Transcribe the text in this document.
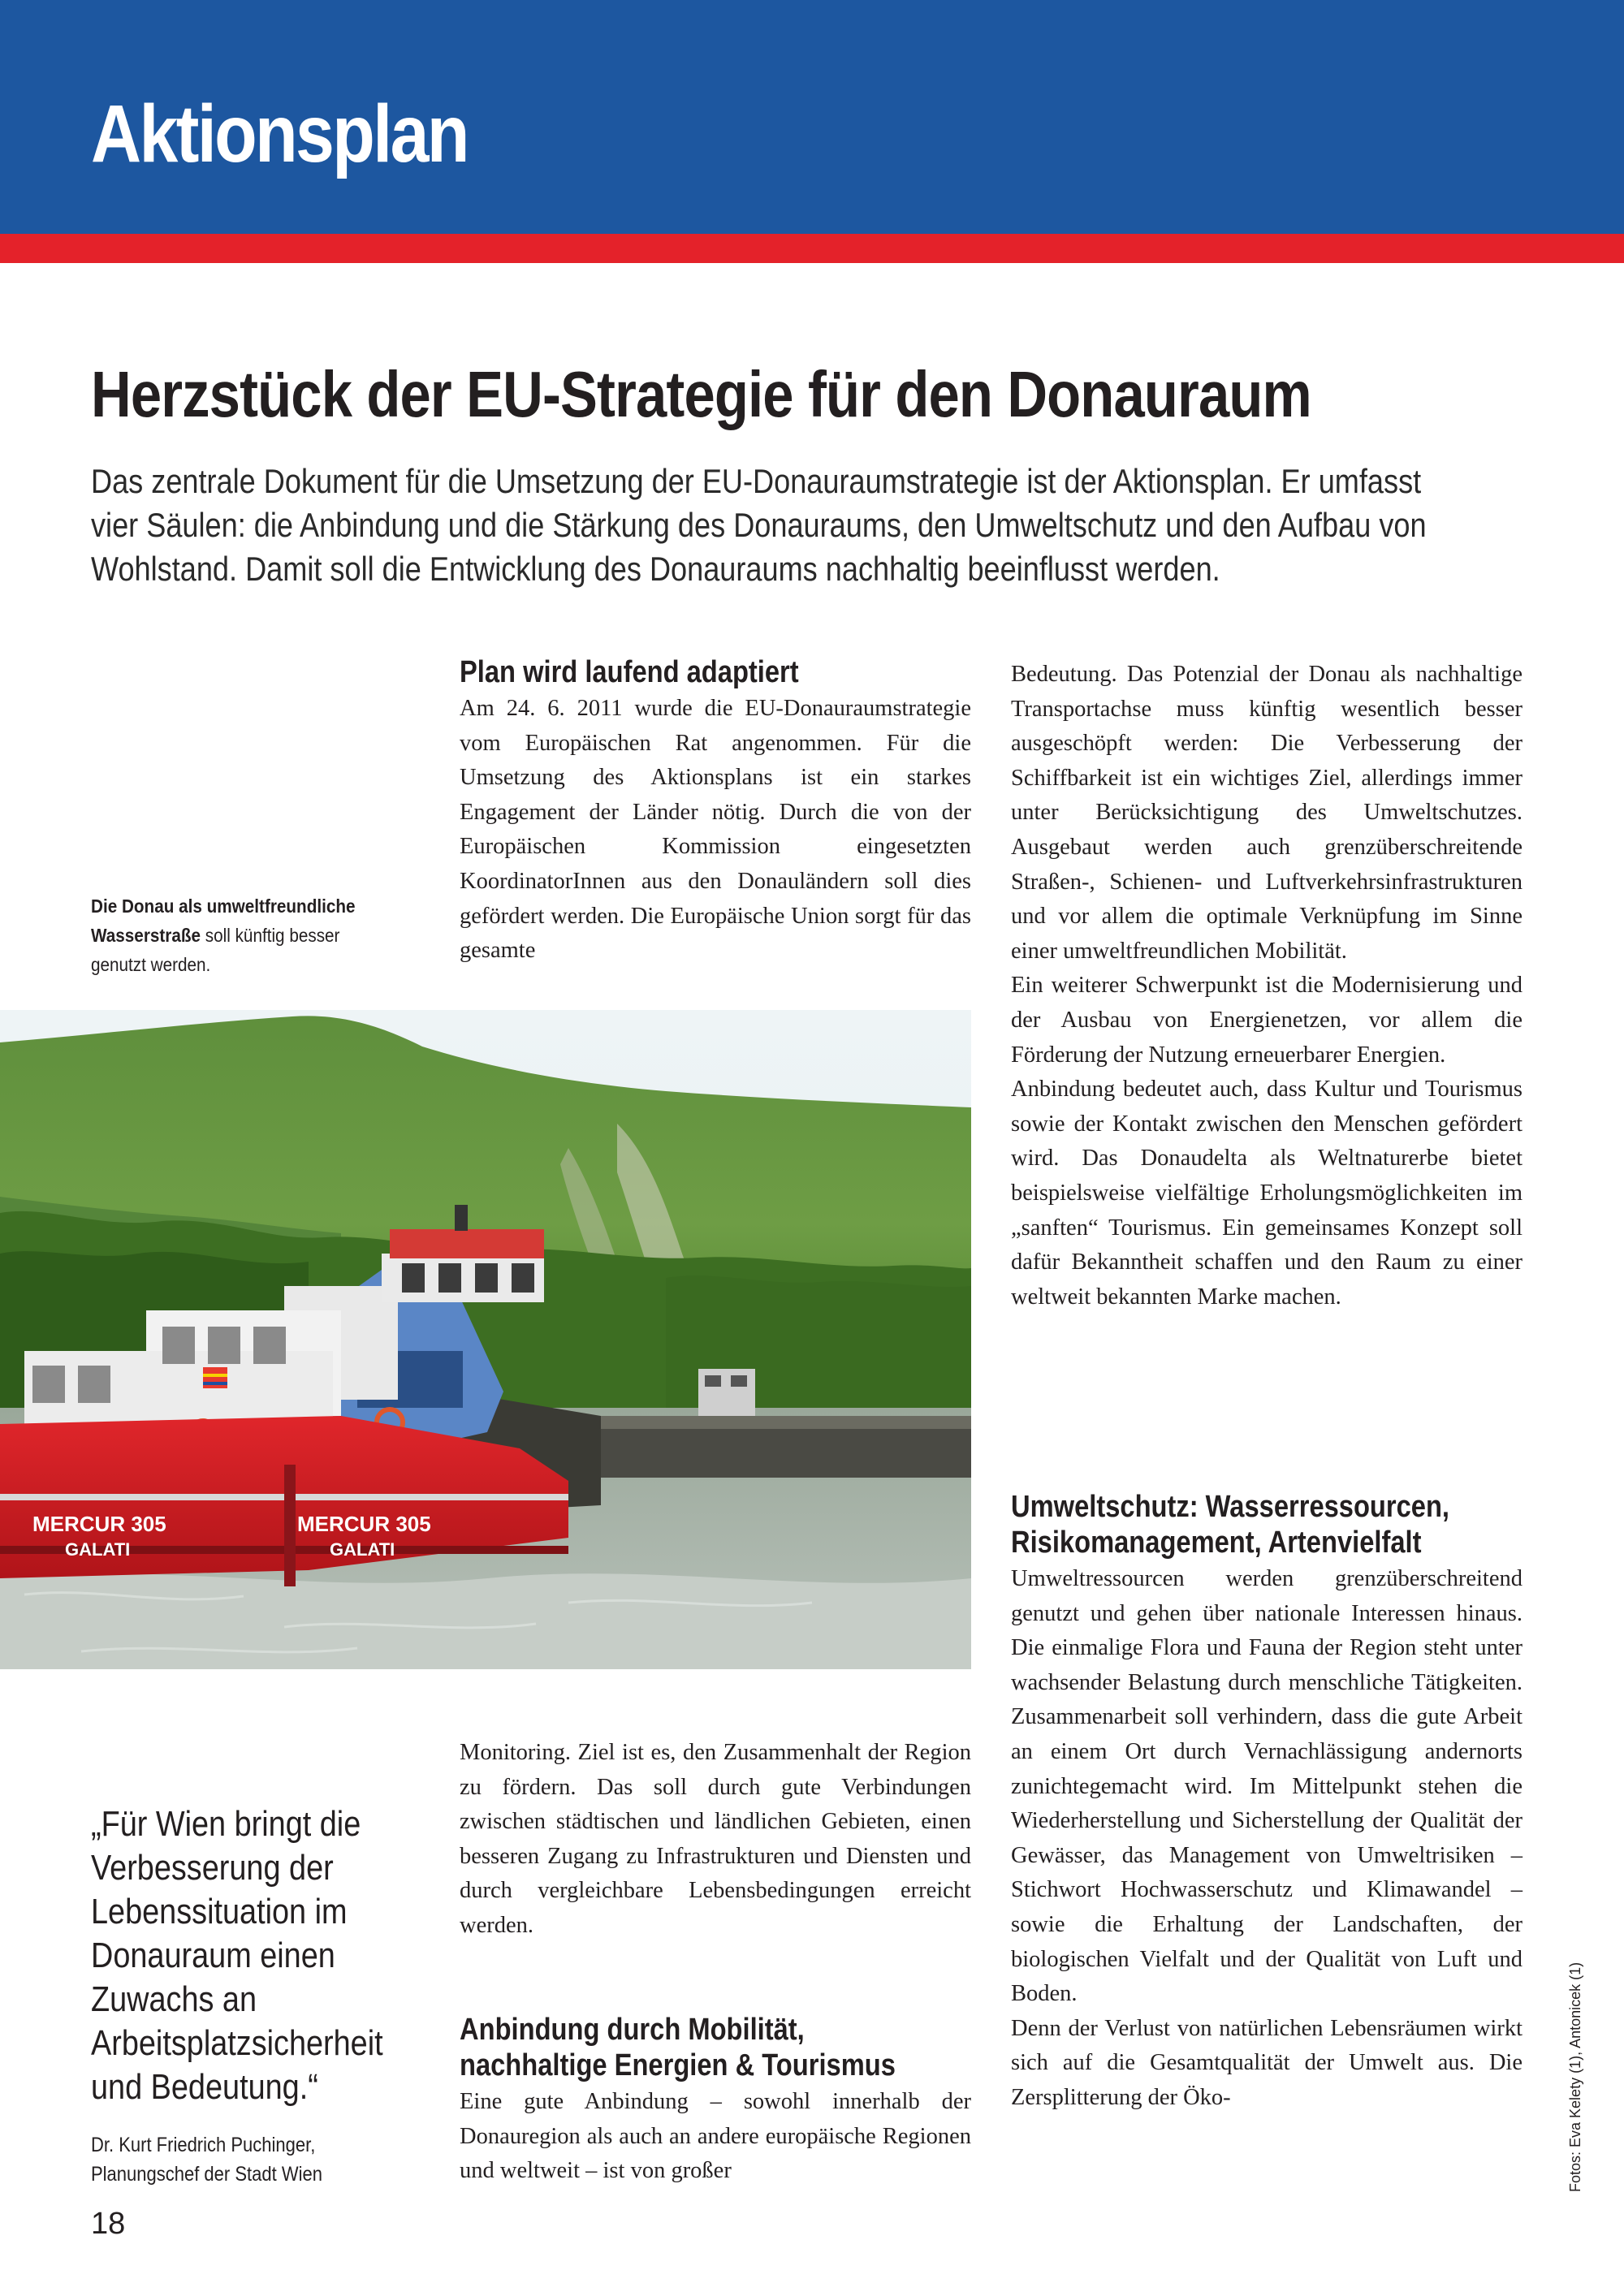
Aktionsplan
Herzstück der EU-Strategie für den Donauraum
Das zentrale Dokument für die Umsetzung der EU-Donauraumstrategie ist der Aktionsplan. Er umfasst
vier Säulen: die Anbindung und die Stärkung des Donauraums, den Umweltschutz und den Aufbau von
Wohlstand. Damit soll die Entwicklung des Donauraums nachhaltig beeinflusst werden.
Die Donau als umweltfreundliche Wasserstraße soll künftig besser genutzt werden.
Plan wird laufend adaptiert

Am 24. 6. 2011 wurde die EU-Donauraumstrategie vom Europäischen Rat angenommen. Für die Umsetzung des Aktionsplans ist ein starkes Engagement der Länder nötig. Durch die von der Europäischen Kommission eingesetzten KoordinatorInnen aus den Donauländern soll dies gefördert werden. Die Europäische Union sorgt für das gesamte

MERCUR 305
GALATI
MERCUR 305
GALATI

Monitoring. Ziel ist es, den Zusammenhalt der Region zu fördern. Das soll durch gute Verbindungen zwischen städtischen und ländlichen Gebieten, einen besseren Zugang zu Infrastrukturen und Diensten und durch vergleichbare Lebensbedingungen erreicht werden.

Anbindung durch Mobilität,
nachhaltige Energien & Tourismus

Eine gute Anbindung – sowohl innerhalb der Donauregion als auch an andere europäische Regionen und weltweit – ist von großer

Bedeutung. Das Potenzial der Donau als nachhaltige Transportachse muss künftig wesentlich besser ausgeschöpft werden: Die Verbesserung der Schiffbarkeit ist ein wichtiges Ziel, allerdings immer unter Berücksichtigung des Umweltschutzes. Ausgebaut werden auch grenzüberschreitende Straßen-, Schienen- und Luftverkehrsinfrastrukturen und vor allem die optimale Verknüpfung im Sinne einer umweltfreundlichen Mobilität.

Ein weiterer Schwerpunkt ist die Modernisierung und der Ausbau von Energienetzen, vor allem die Förderung der Nutzung erneuerbarer Energien.

Anbindung bedeutet auch, dass Kultur und Tourismus sowie der Kontakt zwischen den Menschen gefördert wird. Das Donaudelta als Weltnaturerbe bietet beispielsweise vielfältige Erholungsmöglichkeiten im „sanften“ Tourismus. Ein gemeinsames Konzept soll dafür Bekanntheit schaffen und den Raum zu einer weltweit bekannten Marke machen.

Umweltschutz: Wasserressourcen,
Risikomanagement, Artenvielfalt

Umweltressourcen werden grenzüberschreitend genutzt und gehen über nationale Interessen hinaus. Die einmalige Flora und Fauna der Region steht unter wachsender Belastung durch menschliche Tätigkeiten. Zusammenarbeit soll verhindern, dass die gute Arbeit an einem Ort durch Vernachlässigung andernorts zunichtegemacht wird. Im Mittelpunkt stehen die Wiederherstellung und Sicherstellung der Qualität der Gewässer, das Management von Umweltrisiken – Stichwort Hochwasserschutz und Klimawandel – sowie die Erhaltung der Landschaften, der biologischen Vielfalt und der Qualität von Luft und Boden.

Denn der Verlust von natürlichen Lebensräumen wirkt sich auf die Gesamtqualität der Umwelt aus. Die Zersplitterung der Öko-

„Für Wien bringt die Verbesserung der Lebenssituation im Donauraum einen Zuwachs an Arbeitsplatzsicherheit und Bedeutung.“
Dr. Kurt Friedrich Puchinger,
Planungschef der Stadt Wien
18
Fotos: Eva Kelety (1), Antonicek (1)
